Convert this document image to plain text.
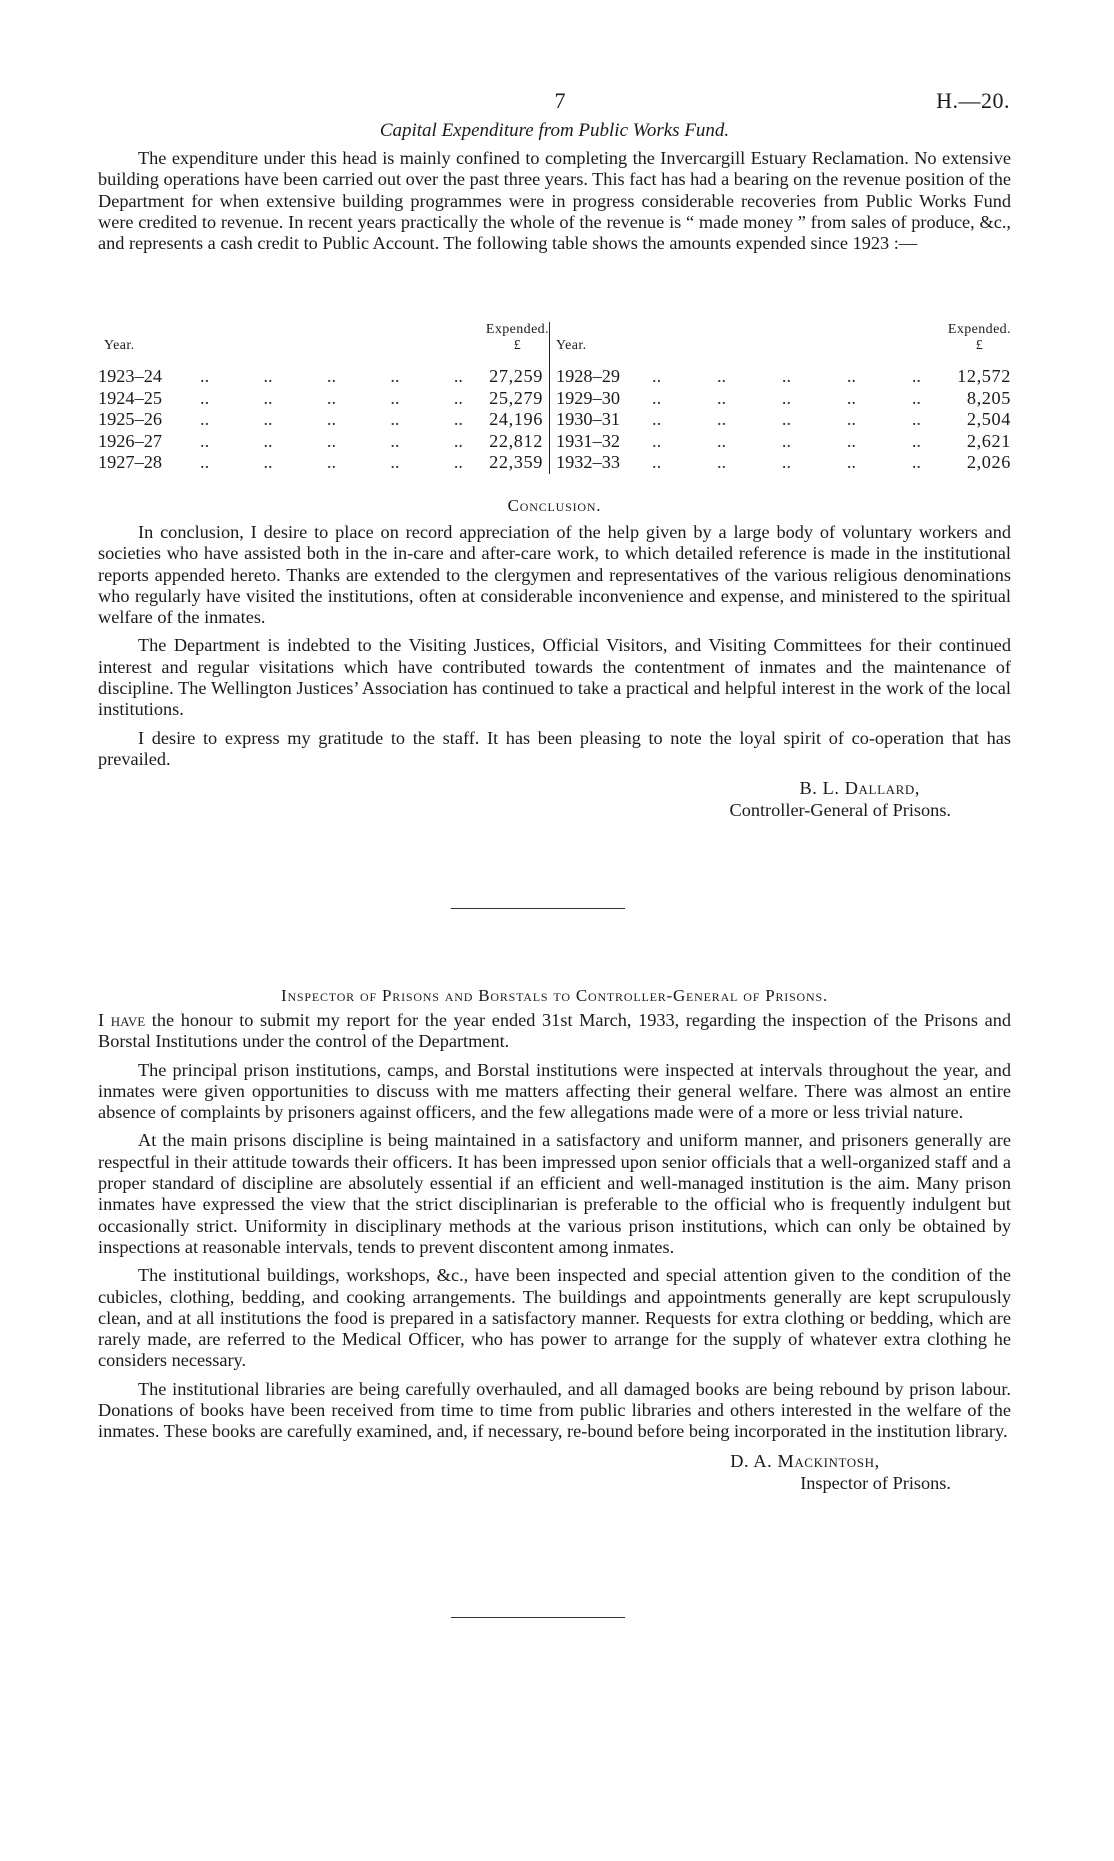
7	H.—20.

Capital Expenditure from Public Works Fund.

The expenditure under this head is mainly confined to completing the Invercargill Estuary Reclamation. No extensive building operations have been carried out over the past three years. This fact has had a bearing on the revenue position of the Department for when extensive building programmes were in progress considerable recoveries from Public Works Fund were credited to revenue. In recent years practically the whole of the revenue is “ made money ” from sales of produce, &c., and represents a cash credit to Public Account. The following table shows the amounts expended since 1923 :—

Year.
Expended.
£
1923–24 ..	..	..	..	.. 27,259
1924–25 ..	..	..	..	.. 25,279
1925–26 ..	..	..	..	.. 24,196
1926–27 ..	..	..	..	.. 22,812
1927–28 ..	..	..	..	.. 22,359
Year.
Expended.
£
1928–29 ..	..	..	..	.. 12,572
1929–30 ..	..	..	..	..	8,205
1930–31 ..	..	..	..	..	2,504
1931–32 ..	..	..	..	..	2,621
1932–33 ..	..	..	..	..	2,026

Conclusion.

In conclusion, I desire to place on record appreciation of the help given by a large body of voluntary workers and societies who have assisted both in the in-care and after-care work, to which detailed reference is made in the institutional reports appended hereto. Thanks are extended to the clergymen and representatives of the various religious denominations who regularly have visited the institutions, often at considerable inconvenience and expense, and ministered to the spiritual welfare of the inmates.

The Department is indebted to the Visiting Justices, Official Visitors, and Visiting Committees for their continued interest and regular visitations which have contributed towards the contentment of inmates and the maintenance of discipline. The Wellington Justices’ Association has continued to take a practical and helpful interest in the work of the local institutions.

I desire to express my gratitude to the staff. It has been pleasing to note the loyal spirit of co-operation that has prevailed.

B. L. Dallard,
Controller-General of Prisons.

Inspector of Prisons and Borstals to Controller-General of Prisons.

I have the honour to submit my report for the year ended 31st March, 1933, regarding the inspection of the Prisons and Borstal Institutions under the control of the Department.

The principal prison institutions, camps, and Borstal institutions were inspected at intervals throughout the year, and inmates were given opportunities to discuss with me matters affecting their general welfare. There was almost an entire absence of complaints by prisoners against officers, and the few allegations made were of a more or less trivial nature.

At the main prisons discipline is being maintained in a satisfactory and uniform manner, and prisoners generally are respectful in their attitude towards their officers. It has been impressed upon senior officials that a well-organized staff and a proper standard of discipline are absolutely essential if an efficient and well-managed institution is the aim. Many prison inmates have expressed the view that the strict disciplinarian is preferable to the official who is frequently indulgent but occasionally strict. Uniformity in disciplinary methods at the various prison institutions, which can only be obtained by inspections at reasonable intervals, tends to prevent discontent among inmates.

The institutional buildings, workshops, &c., have been inspected and special attention given to the condition of the cubicles, clothing, bedding, and cooking arrangements. The buildings and appointments generally are kept scrupulously clean, and at all institutions the food is prepared in a satisfactory manner. Requests for extra clothing or bedding, which are rarely made, are referred to the Medical Officer, who has power to arrange for the supply of whatever extra clothing he considers necessary.

The institutional libraries are being carefully overhauled, and all damaged books are being rebound by prison labour. Donations of books have been received from time to time from public libraries and others interested in the welfare of the inmates. These books are carefully examined, and, if necessary, re-bound before being incorporated in the institution library.

D. A. Mackintosh,
Inspector of Prisons.
